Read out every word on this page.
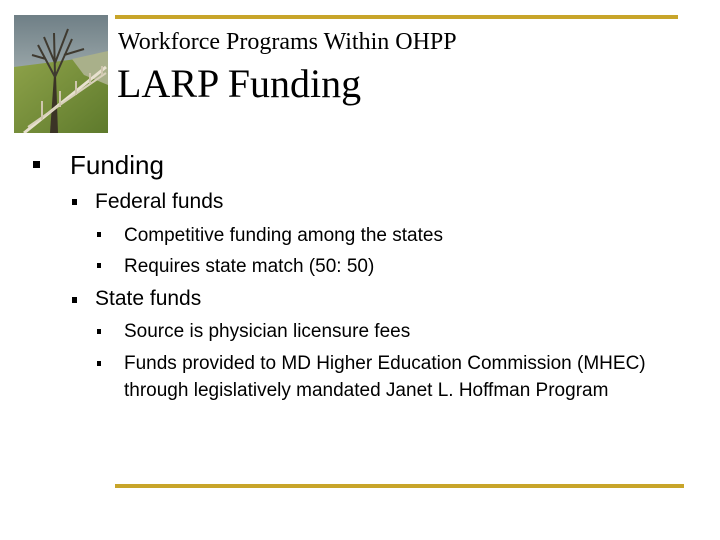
Workforce Programs Within OHPP
LARP Funding
Funding
Federal funds
Competitive funding among the states
Requires state match (50: 50)
State funds
Source is physician licensure fees
Funds provided to MD Higher Education Commission (MHEC) through legislatively mandated Janet L. Hoffman Program
